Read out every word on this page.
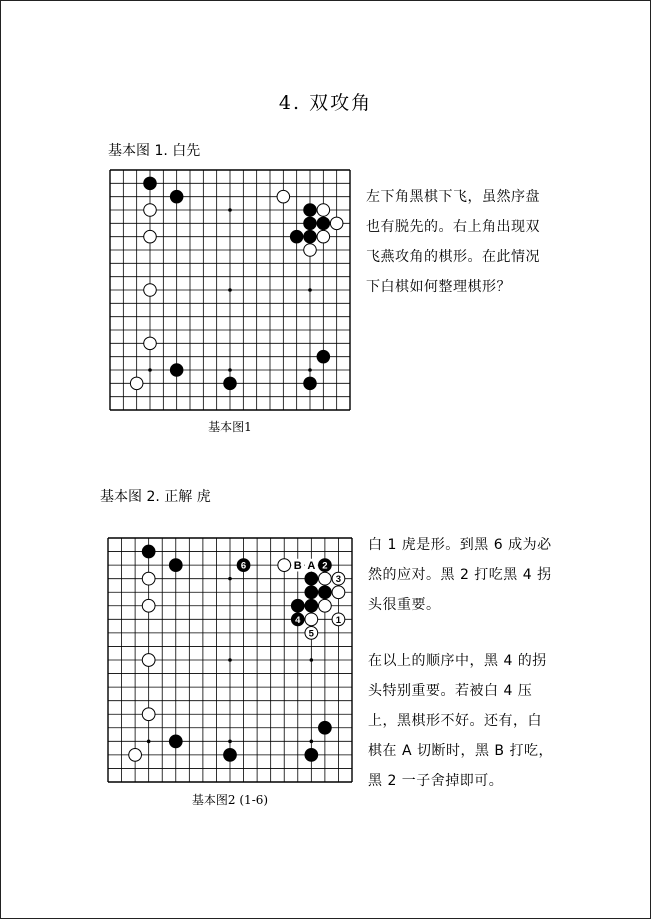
4. 双攻角
基本图 1. 白先
基本图1
左下角黑棋下飞，虽然序盘
也有脱先的。右上角出现双
飞燕攻角的棋形。在此情况
下白棋如何整理棋形？
基本图 2. 正解 虎
B A
6	2
3
4
5
1
基本图2 (1-6)
白 1 虎是形。到黑 6 成为必
然的应对。黑 2 打吃黑 4 拐
头很重要。
在以上的顺序中，黑 4 的拐
头特别重要。若被白 4 压
上，黑棋形不好。还有，白
棋在 A 切断时，黑 B 打吃，
黑 2 一子舍掉即可。
